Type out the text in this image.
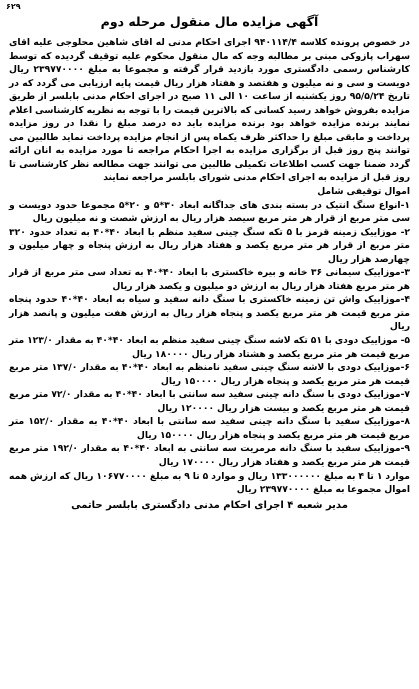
۶۲۹
آگهی مزایده مال منقول مرحله دوم

در خصوص پرونده کلاسه ۹۴۰۱۱۴/۴ اجرای احکام مدنی له اقای شاهین محلوجی علیه اقای سهراب پازوکی مبنی بر مطالبه وجه که مال منقول محکوم علیه توقیف گردیده که توسط کارشناس رسمی دادگستری مورد بازدید قرار گرفته و مجموعا به مبلغ ۲۳۹۷۷۰۰۰۰ ریال دویست و سی و نه میلیون و هفتصد و هفتاد هزار ریال قیمت پایه ارزیابی می گردد که در تاریخ ۹۵/۵/۲۴ روز یکشنبه از ساعت ۱۰ الی ۱۱ صبح در اجرای احکام مدنی بابلسر از طریق مزایده بفروش خواهد رسید کسانی که بالاترین قیمت را با توجه به نظریه کارشناسی اعلام نمایند برنده مزایده خواهد بود برنده مزایده باید ده درصد مبلغ را نقدا در روز مزایده پرداخت و مابقی مبلغ را حداکثر ظرف یکماه پس از انجام مزایده پرداخت نماید طالبین می توانند پنج روز قبل از برگزاری مزایده به اجرا احکام مراجعه تا مورد مزایده به انان ارائه گردد ضمنا جهت کسب اطلاعات تکمیلی طالبین می توانند جهت مطالعه نظر کارشناسی تا روز قبل از مزایده به اجرای احکام مدنی شورای بابلسر مراجعه نمایند

اموال توقیفی شامل

۱-انواع سنگ انتیک در بسته بندی های جداگانه ابعاد ۳۰*۵ و ۲۰*۵ مجموعا حدود دویست و سی متر مربع از قرار هر متر مربع سیصد هزار ریال به ارزش شصت و نه میلیون ریال
۲- موزاییک زمینه قرمز با ۵ تکه سنگ چینی سفید منظم با ابعاد ۴۰*۴۰ به تعداد حدود ۳۲۰ متر مربع از قرار هر متر مربع یکصد و هفتاد هزار ریال به ارزش پنجاه و چهار میلیون و چهارصد هزار ریال
۳-موزاییک سیمانی ۳۶ خانه و بیره خاکستری با ابعاد ۴۰*۴۰ به تعداد سی متر مربع از قرار هر متر مربع هفتاد هزار ریال به ارزش دو میلیون و یکصد هزار ریال
۴-موزاییک واش تن زمینه خاکستری با سنگ دانه سفید و سیاه به ابعاد ۴۰*۴۰ حدود پنجاه متر مربع قیمت هر متر مربع یکصد و پنجاه هزار ریال به ارزش هفت میلیون و پانصد هزار ریال
۵- موزاییک دودی با ۵۱ تکه لاشه سنگ چینی سفید منظم به ابعاد ۴۰*۴۰ به مقدار ۱۲۳/۰ متر مربع قیمت هر متر مربع یکصد و هشتاد هزار ریال ۱۸۰۰۰۰ ریال
۶-موزاییک دودی با لاشه سنگ چینی سفید نامنظم به ابعاد ۴۰*۴۰ به مقدار ۱۳۷/۰ متر مربع قیمت هر متر مربع یکصد و پنجاه هزار ریال ۱۵۰۰۰۰ ریال
۷-موزاییک دودی با سنگ دانه چینی سفید سه سانتی با ابعاد ۴۰*۴۰ به مقدار ۷۲/۰ متر مربع قیمت هر متر مربع یکصد و بیست هزار ریال ۱۲۰۰۰۰ ریال
۸-موزاییک سفید با سنگ دانه چینی سفید سه سانتی با ابعاد ۴۰*۴۰ به مقدار ۱۵۲/۰ متر مربع قیمت هر متر مربع یکصد و پنجاه هزار ریال ۱۵۰۰۰۰ ریال
۹-موزاییک سفید با سنگ دانه مرمریت سه سانتی به ابعاد ۴۰*۴۰ به مقدار ۱۹۲/۰ متر مربع قیمت هر متر مربع یکصد و هفتاد هزار ریال ۱۷۰۰۰۰ ریال

موارد ۱ تا ۴ به مبلغ ۱۳۳۰۰۰۰۰۰ ریال و موارد ۵ تا ۹ به مبلغ ۱۰۶۷۷۰۰۰۰ ریال که ارزش همه اموال مجموعا به مبلغ ۲۳۹۷۷۰۰۰۰ ریال

مدیر شعبه ۴ اجرای احکام مدنی دادگستری بابلسر حاتمی
